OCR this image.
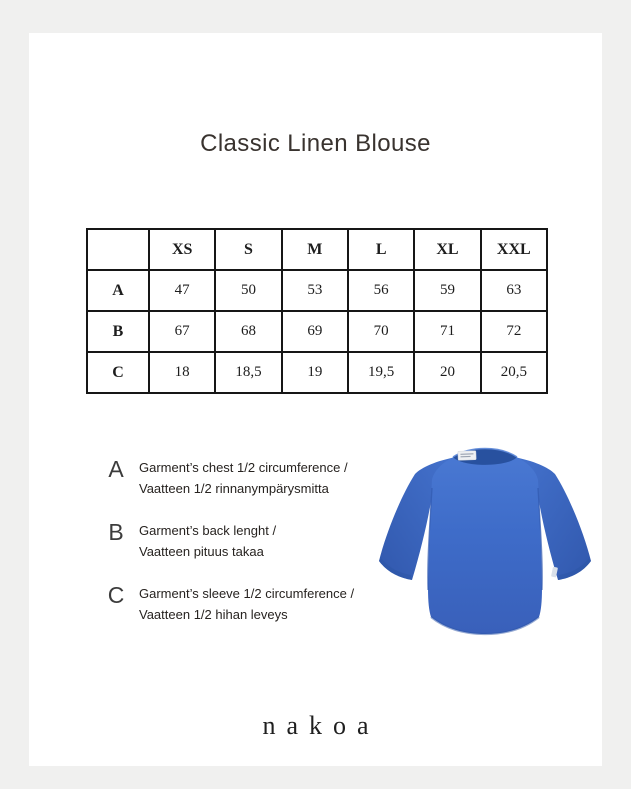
Classic Linen Blouse
	XS	S	M	L	XL	XXL
A	47	50	53	56	59	63
B	67	68	69	70	71	72
C	18	18,5	19	19,5	20	20,5
A	Garment’s chest 1/2 circumference /
Vaatteen 1/2 rinnanympärysmitta
B	Garment’s back lenght /
Vaatteen pituus takaa
C	Garment’s sleeve 1/2 circumference /
Vaatteen 1/2 hihan leveys
nakoa
